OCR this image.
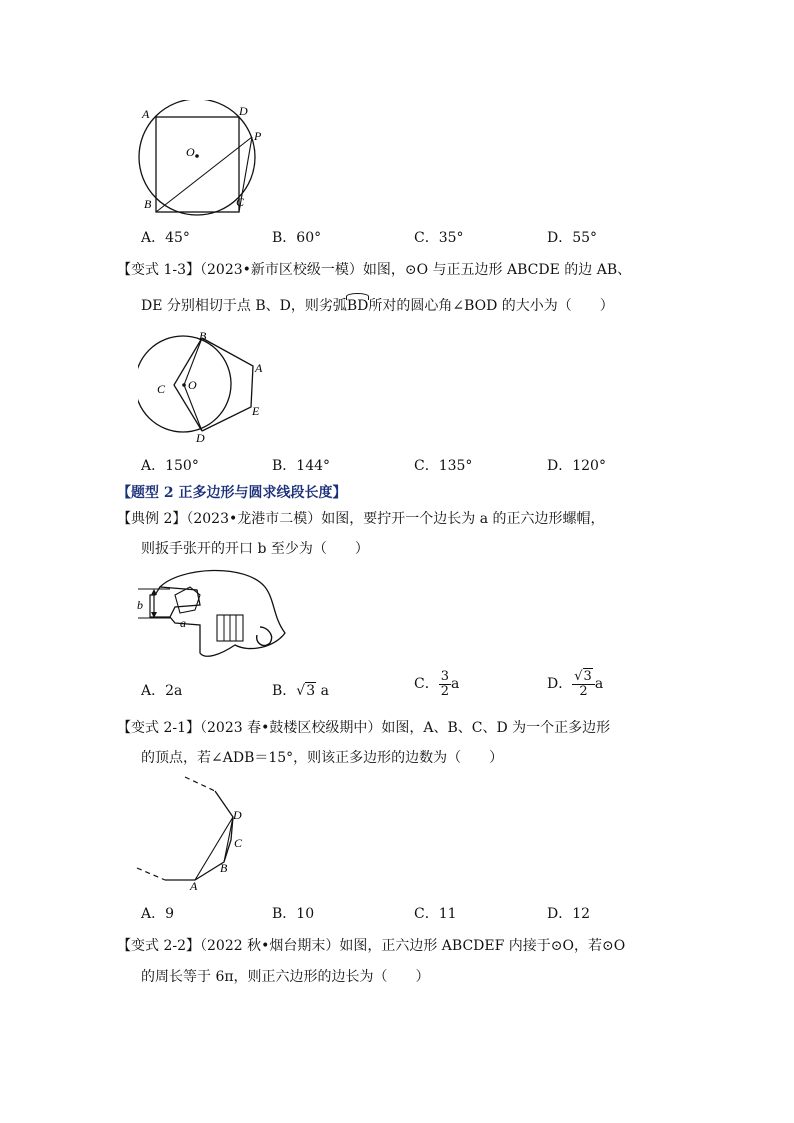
A	D
P
O
B	C
A．45°	B．60°	C．35°	D．55°
【变式 1-3】（2023•新市区校级一模）如图，⊙O 与正五边形 ABCDE 的边 AB、
DE 分别相切于点 B、D，则劣弧BD所对的圆心角∠BOD 的大小为（　　）
B
A
C O
E
D
A．150°	B．144°	C．135°	D．120°
【题型 2 正多边形与圆求线段长度】
【典例 2】（2023•龙港市二模）如图，要拧开一个边长为 a 的正六边形螺帽，
则扳手张开的开口 b 至少为（　　）
b
a
A．2a	B．√3 a	C． $\frac{3}{2}$ a	D． $\frac{√3}{2}$ a
【变式 2-1】（2023 春•鼓楼区校级期中）如图，A、B、C、D 为一个正多边形
的顶点，若∠ADB＝15°，则该正多边形的边数为（　　）
D
C
B
A
A．9	B．10	C．11	D．12
【变式 2-2】（2022 秋•烟台期末）如图，正六边形 ABCDEF 内接于⊙O，若⊙O
的周长等于 6π，则正六边形的边长为（　　）
